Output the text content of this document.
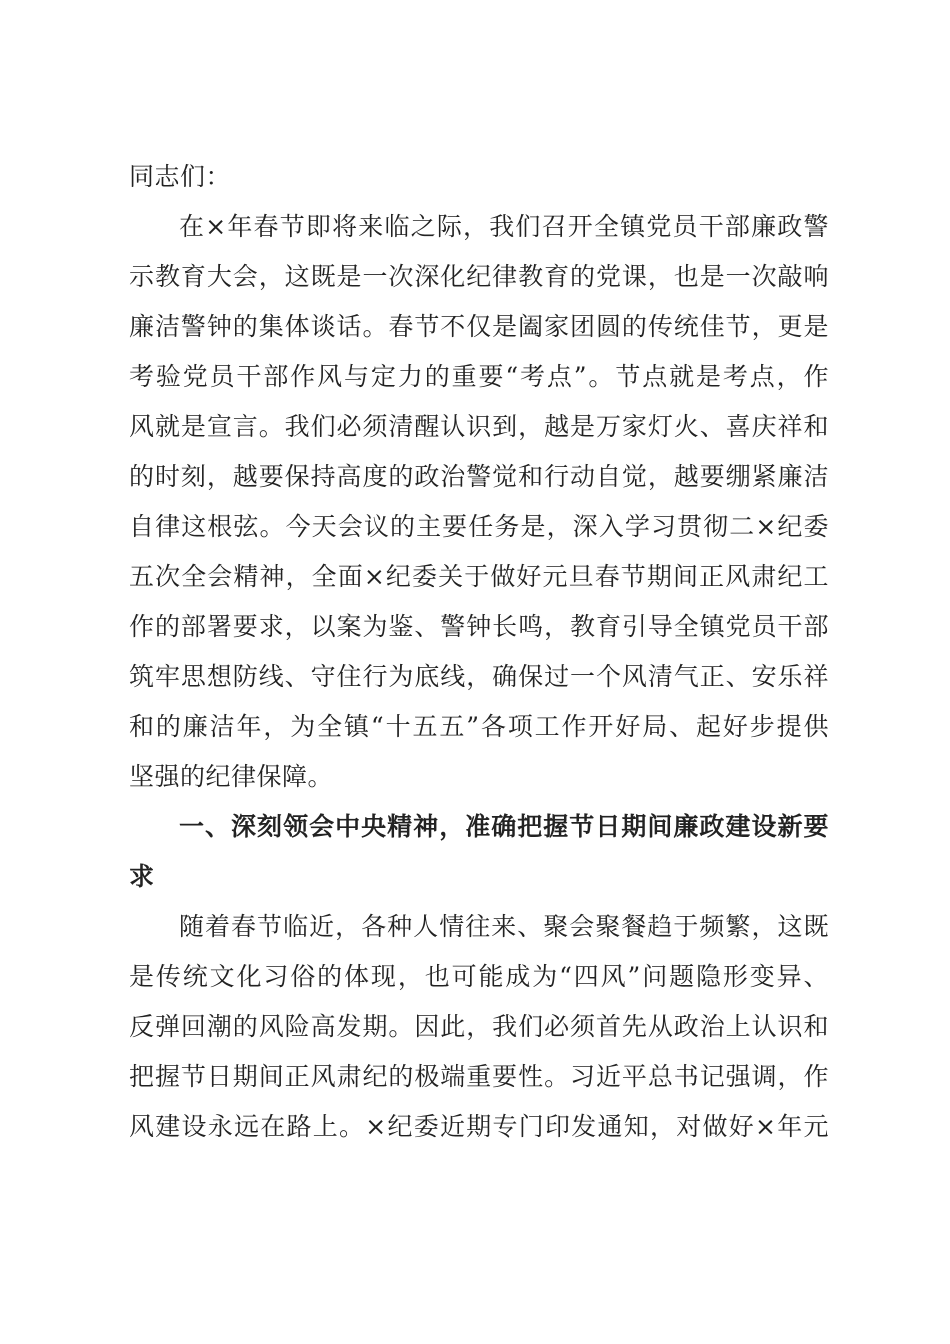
同志们：
在×年春节即将来临之际，我们召开全镇党员干部廉政警
示教育大会，这既是一次深化纪律教育的党课，也是一次敲响
廉洁警钟的集体谈话。春节不仅是阖家团圆的传统佳节，更是
考验党员干部作风与定力的重要“考点”。节点就是考点，作
风就是宣言。我们必须清醒认识到，越是万家灯火、喜庆祥和
的时刻，越要保持高度的政治警觉和行动自觉，越要绷紧廉洁
自律这根弦。今天会议的主要任务是，深入学习贯彻二×纪委
五次全会精神，全面×纪委关于做好元旦春节期间正风肃纪工
作的部署要求，以案为鉴、警钟长鸣，教育引导全镇党员干部
筑牢思想防线、守住行为底线，确保过一个风清气正、安乐祥
和的廉洁年，为全镇“十五五”各项工作开好局、起好步提供
坚强的纪律保障。
一、深刻领会中央精神，准确把握节日期间廉政建设新要
求
随着春节临近，各种人情往来、聚会聚餐趋于频繁，这既
是传统文化习俗的体现，也可能成为“四风”问题隐形变异、
反弹回潮的风险高发期。因此，我们必须首先从政治上认识和
把握节日期间正风肃纪的极端重要性。习近平总书记强调，作
风建设永远在路上。×纪委近期专门印发通知，对做好×年元
